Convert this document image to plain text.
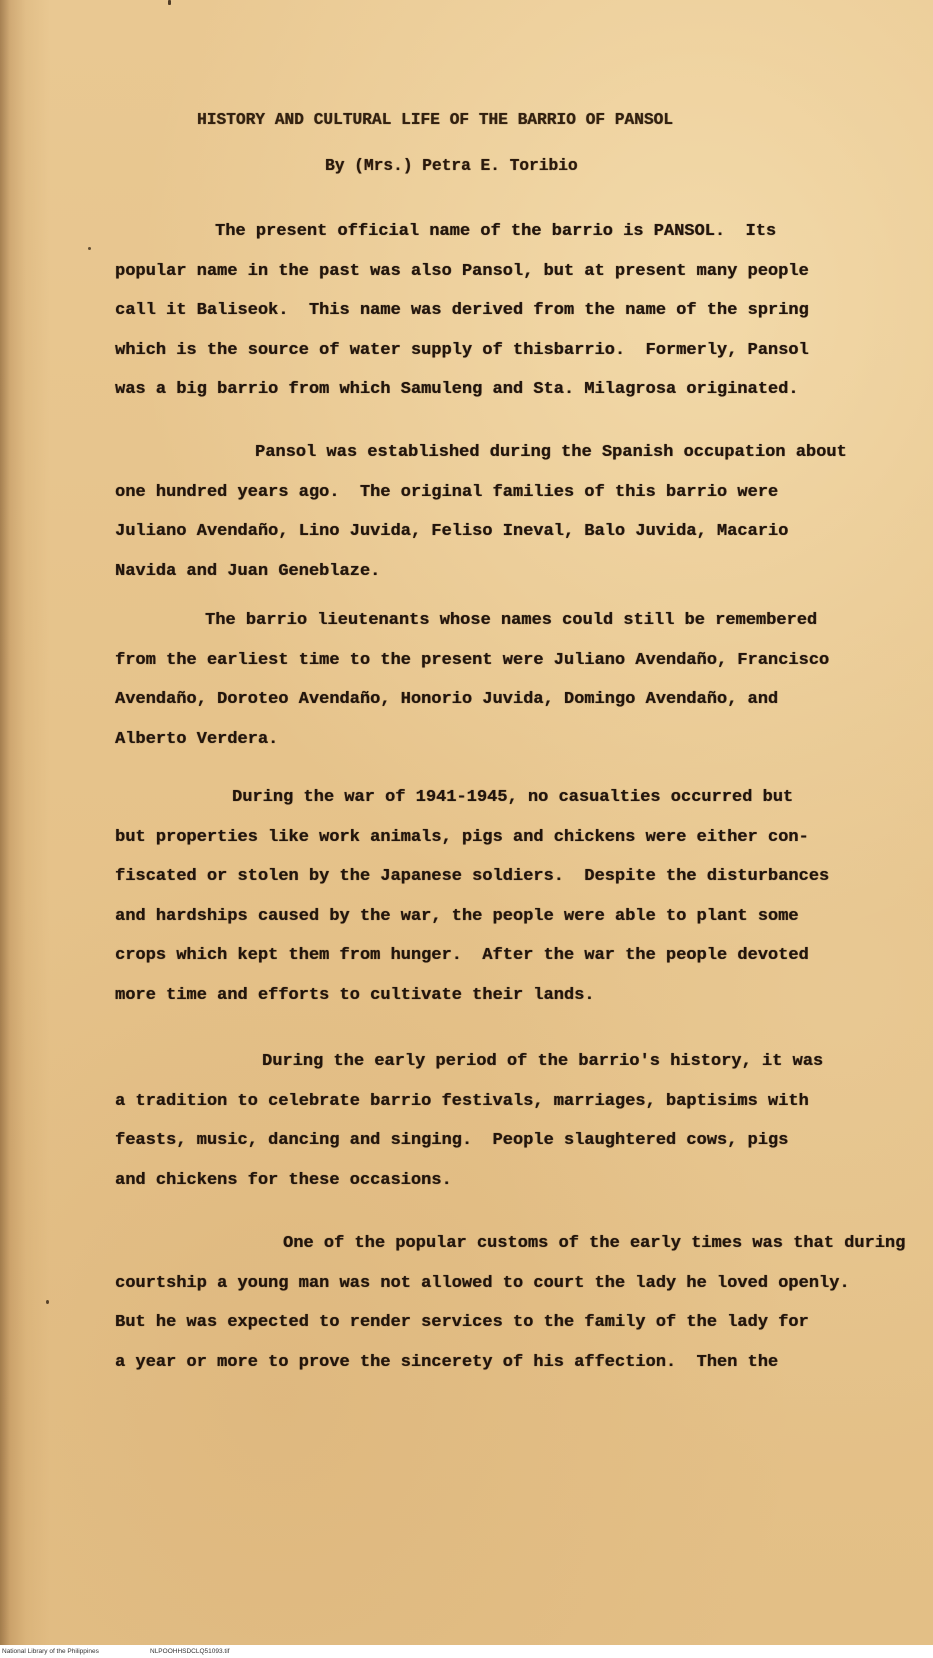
HISTORY AND CULTURAL LIFE OF THE BARRIO OF PANSOL
By (Mrs.) Petra E. Toribio
The present official name of the barrio is PANSOL.  Its
popular name in the past was also Pansol, but at present many people
call it Baliseok.  This name was derived from the name of the spring
which is the source of water supply of thisbarrio.  Formerly, Pansol
was a big barrio from which Samuleng and Sta. Milagrosa originated.
Pansol was established during the Spanish occupation about
one hundred years ago.  The original families of this barrio were
Juliano Avendaño, Lino Juvida, Feliso Ineval, Balo Juvida, Macario
Navida and Juan Geneblaze.
The barrio lieutenants whose names could still be remembered
from the earliest time to the present were Juliano Avendaño, Francisco
Avendaño, Doroteo Avendaño, Honorio Juvida, Domingo Avendaño, and
Alberto Verdera.
During the war of 1941-1945, no casualties occurred but
but properties like work animals, pigs and chickens were either con-
fiscated or stolen by the Japanese soldiers.  Despite the disturbances
and hardships caused by the war, the people were able to plant some
crops which kept them from hunger.  After the war the people devoted
more time and efforts to cultivate their lands.
During the early period of the barrio's history, it was
a tradition to celebrate barrio festivals, marriages, baptisims with
feasts, music, dancing and singing.  People slaughtered cows, pigs
and chickens for these occasions.
One of the popular customs of the early times was that during
courtship a young man was not allowed to court the lady he loved openly.
But he was expected to render services to the family of the lady for
a year or more to prove the sincerety of his affection.  Then the
National Library of the Philippines	NLPOOHHSDCLQ51093.tif
